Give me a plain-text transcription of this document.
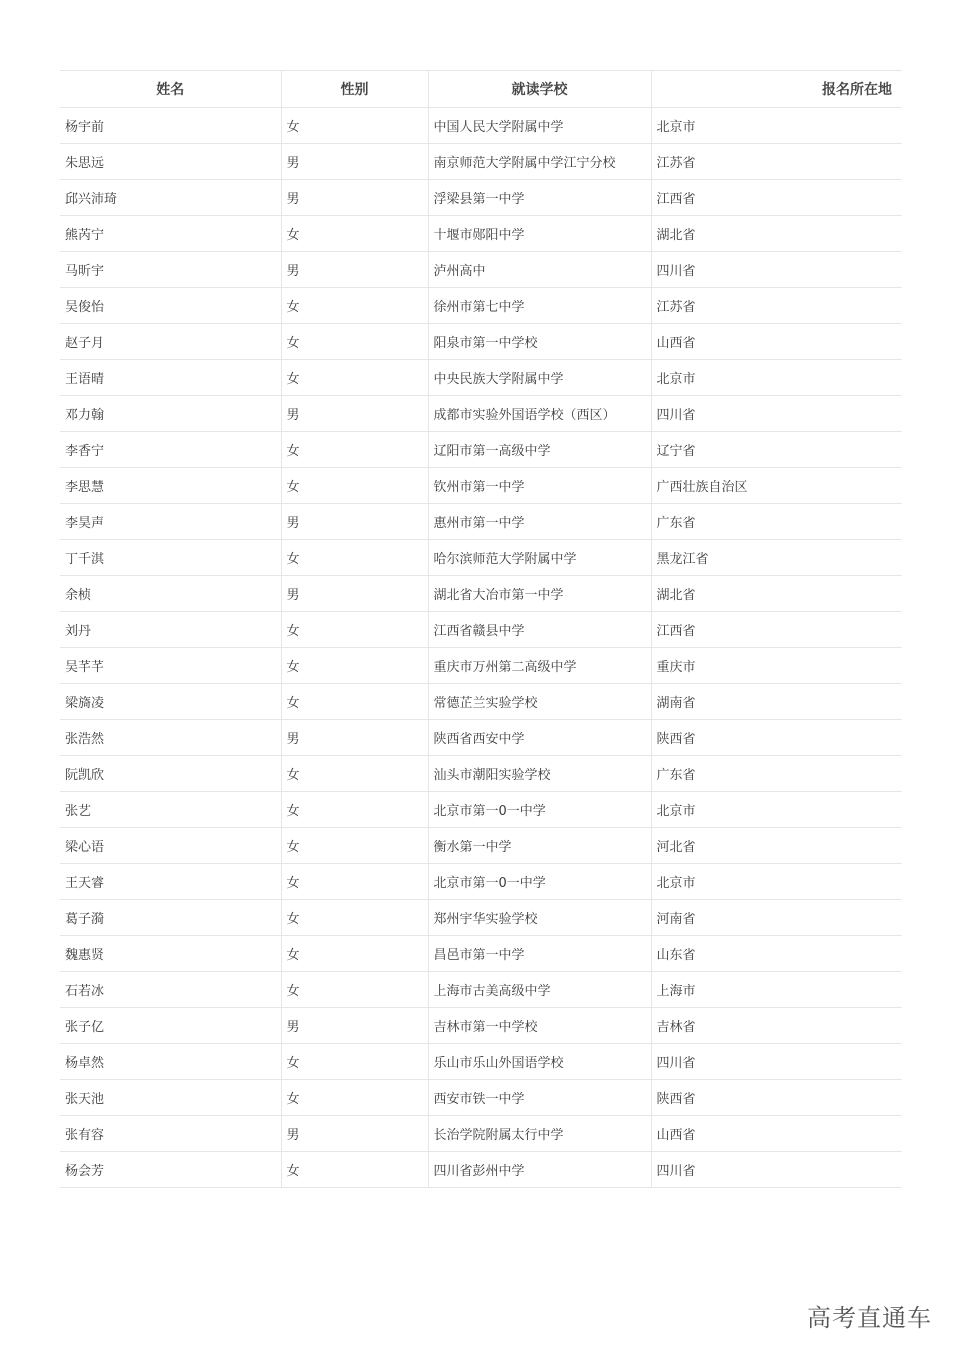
姓名	性别	就读学校	报名所在地
杨宇前	女	中国人民大学附属中学	北京市
朱思远	男	南京师范大学附属中学江宁分校	江苏省
邱兴沛琦	男	浮梁县第一中学	江西省
熊芮宁	女	十堰市郧阳中学	湖北省
马昕宇	男	泸州高中	四川省
吴俊怡	女	徐州市第七中学	江苏省
赵子月	女	阳泉市第一中学校	山西省
王语晴	女	中央民族大学附属中学	北京市
邓力翰	男	成都市实验外国语学校（西区）	四川省
李香宁	女	辽阳市第一高级中学	辽宁省
李思慧	女	钦州市第一中学	广西壮族自治区
李昊声	男	惠州市第一中学	广东省
丁千淇	女	哈尔滨师范大学附属中学	黑龙江省
余桢	男	湖北省大冶市第一中学	湖北省
刘丹	女	江西省赣县中学	江西省
吴芊芊	女	重庆市万州第二高级中学	重庆市
梁旖凌	女	常德芷兰实验学校	湖南省
张浩然	男	陕西省西安中学	陕西省
阮凯欣	女	汕头市潮阳实验学校	广东省
张艺	女	北京市第一0一中学	北京市
梁心语	女	衡水第一中学	河北省
王天睿	女	北京市第一0一中学	北京市
葛子漪	女	郑州宇华实验学校	河南省
魏惠贤	女	昌邑市第一中学	山东省
石若冰	女	上海市古美高级中学	上海市
张子亿	男	吉林市第一中学校	吉林省
杨卓然	女	乐山市乐山外国语学校	四川省
张天池	女	西安市铁一中学	陕西省
张有容	男	长治学院附属太行中学	山西省
杨会芳	女	四川省彭州中学	四川省
高考直通车
